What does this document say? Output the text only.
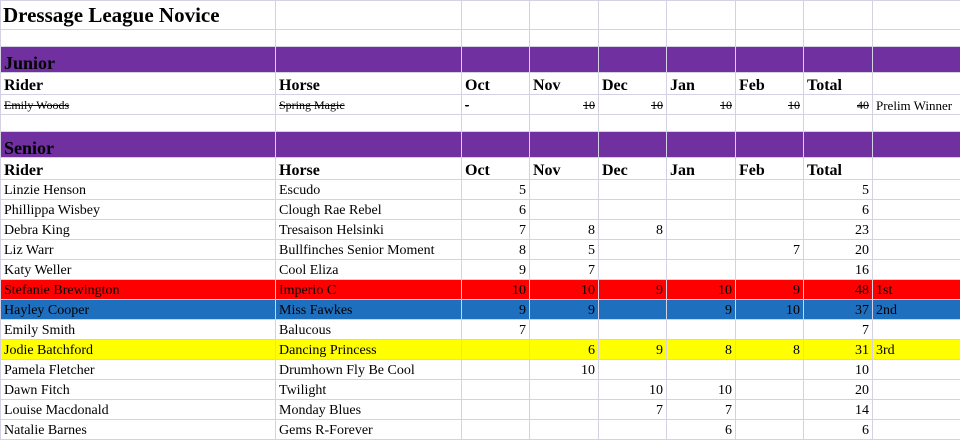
Dressage League Novice								

Junior								
Rider	Horse	Oct	Nov	Dec	Jan	Feb	Total	
Emily Woods	Spring Magic	-	10	10	10	10	40	Prelim Winner

Senior								
Rider	Horse	Oct	Nov	Dec	Jan	Feb	Total	
Linzie Henson	Escudo	5					5	
Phillippa Wisbey	Clough Rae Rebel	6					6	
Debra King	Tresaison Helsinki	7	8	8			23	
Liz Warr	Bullfinches Senior Moment	8	5			7	20	
Katy Weller	Cool Eliza	9	7				16	
Stefanie Brewington	Imperio C	10	10	9	10	9	48	1st
Hayley Cooper	Miss Fawkes	9	9		9	10	37	2nd
Emily Smith	Balucous	7					7	
Jodie Batchford	Dancing Princess		6	9	8	8	31	3rd
Pamela Fletcher	Drumhown Fly Be Cool		10				10	
Dawn Fitch	Twilight			10	10		20	
Louise Macdonald	Monday Blues			7	7		14	
Natalie Barnes	Gems R-Forever				6		6	
